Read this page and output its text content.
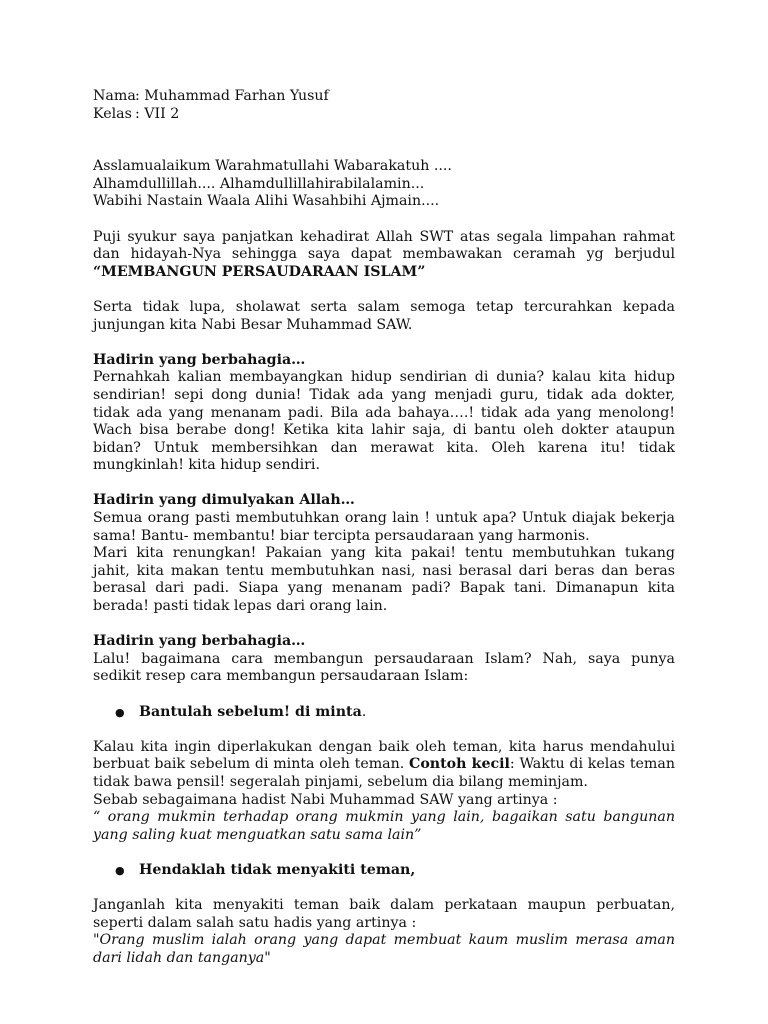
Nama : Muhammad Farhan Yusuf
Kelas : VII 2

Asslamualaikum Warahmatullahi Wabarakatuh ....

Alhamdullillah.... Alhamdullillahirabilalamin...

Wabihi Nastain Waala Alihi Wasahbihi Ajmain....

Puji syukur saya panjatkan kehadirat Allah SWT atas segala limpahan rahmat dan hidayah-Nya sehingga saya dapat membawakan ceramah yg berjudul “MEMBANGUN PERSAUDARAAN ISLAM”

Serta tidak lupa, sholawat serta salam semoga tetap tercurahkan kepada junjungan kita Nabi Besar Muhammad SAW.

Hadirin yang berbahagia…

Pernahkah kalian membayangkan hidup sendirian di dunia? kalau kita hidup sendirian! sepi dong dunia! Tidak ada yang menjadi guru, tidak ada dokter, tidak ada yang menanam padi. Bila ada bahaya….! tidak ada yang menolong! Wach bisa berabe dong! Ketika kita lahir saja, di bantu oleh dokter ataupun bidan? Untuk membersihkan dan merawat kita. Oleh karena itu! tidak mungkinlah! kita hidup sendiri.

Hadirin yang dimulyakan Allah…

Semua orang pasti membutuhkan orang lain ! untuk apa? Untuk diajak bekerja sama! Bantu- membantu! biar tercipta persaudaraan yang harmonis.

Mari kita renungkan! Pakaian yang kita pakai! tentu membutuhkan tukang jahit, kita makan tentu membutuhkan nasi, nasi berasal dari beras dan beras berasal dari padi. Siapa yang menanam padi? Bapak tani. Dimanapun kita berada! pasti tidak lepas dari orang lain.

Hadirin yang berbahagia…

Lalu! bagaimana cara membangun persaudaraan Islam? Nah, saya punya sedikit resep cara membangun persaudaraan Islam:

●	Bantulah sebelum! di minta.

Kalau kita ingin diperlakukan dengan baik oleh teman, kita harus mendahului berbuat baik sebelum di minta oleh teman. Contoh kecil: Waktu di kelas teman tidak bawa pensil! segeralah pinjami, sebelum dia bilang meminjam.

Sebab sebagaimana hadist Nabi Muhammad SAW yang artinya :

“ orang mukmin terhadap orang mukmin yang lain, bagaikan satu bangunan yang saling kuat menguatkan satu sama lain”

●	Hendaklah tidak menyakiti teman,

Janganlah kita menyakiti teman baik dalam perkataan maupun perbuatan, seperti dalam salah satu hadis yang artinya :

"Orang muslim ialah orang yang dapat membuat kaum muslim merasa aman dari lidah dan tanganya"
